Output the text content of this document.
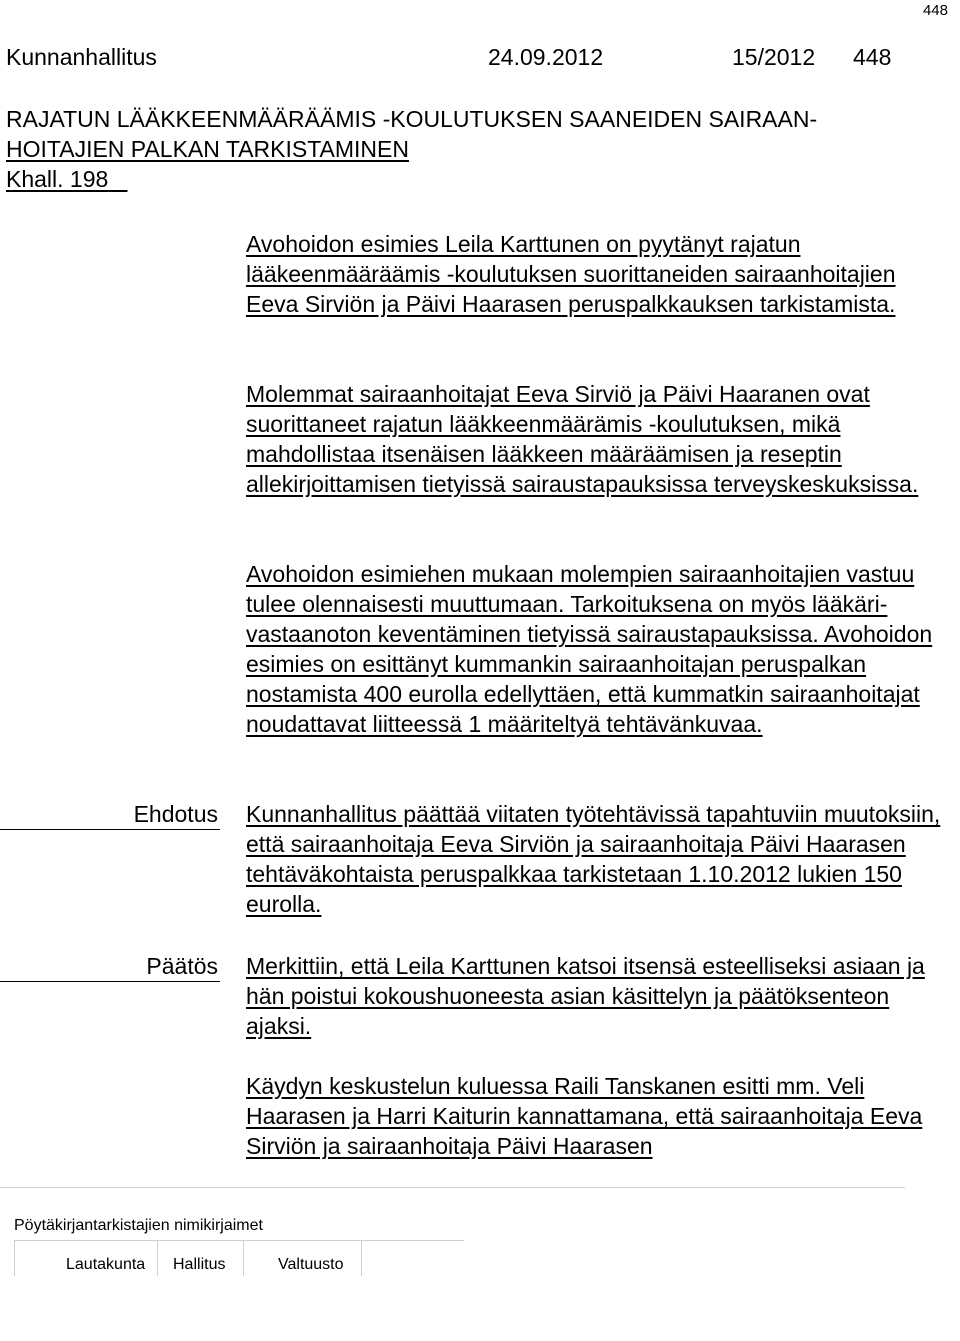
448
Kunnanhallitus	24.09.2012	15/2012 448
RAJATUN LÄÄKKEENMÄÄRÄÄMIS -KOULUTUKSEN SAANEIDEN SAIRAAN-
HOITAJIEN PALKAN TARKISTAMINEN
Khall. 198

Avohoidon esimies Leila Karttunen on pyytänyt rajatun lääkeenmääräämis -koulutuksen suorittaneiden sairaanhoitajien Eeva Sirviön ja Päivi Haarasen peruspalkkauksen tarkistamista.

Molemmat sairaanhoitajat Eeva Sirviö ja Päivi Haaranen ovat suorittaneet rajatun lääkkeenmäärämis -koulutuksen, mikä mahdollistaa itsenäisen lääkkeen määräämisen ja reseptin allekirjoittamisen tietyissä sairaustapauksissa terveyskeskuksissa.

Avohoidon esimiehen mukaan molempien sairaanhoitajien vastuu tulee olennaisesti muuttumaan. Tarkoituksena on myös lääkäri-vastaanoton keventäminen tietyissä sairaustapauksissa. Avohoidon esimies on esittänyt kummankin sairaanhoitajan peruspalkan nostamista 400 eurolla edellyttäen, että kummatkin sairaanhoitajat noudattavat liitteessä 1 määriteltyä tehtävänkuvaa.

Ehdotus Kunnanhallitus päättää viitaten työtehtävissä tapahtuviin muutoksiin, että sairaanhoitaja Eeva Sirviön ja sairaanhoitaja Päivi Haarasen tehtäväkohtaista peruspalkkaa tarkistetaan 1.10.2012 lukien 150 eurolla.

Päätös Merkittiin, että Leila Karttunen katsoi itsensä esteelliseksi asiaan ja hän poistui kokoushuoneesta asian käsittelyn ja päätöksenteon ajaksi.

Käydyn keskustelun kuluessa Raili Tanskanen esitti mm. Veli Haarasen ja Harri Kaiturin kannattamana, että sairaanhoitaja Eeva Sirviön ja sairaanhoitaja Päivi Haarasen

Pöytäkirjantarkistajien nimikirjaimet
Lautakunta Hallitus	Valtuusto
